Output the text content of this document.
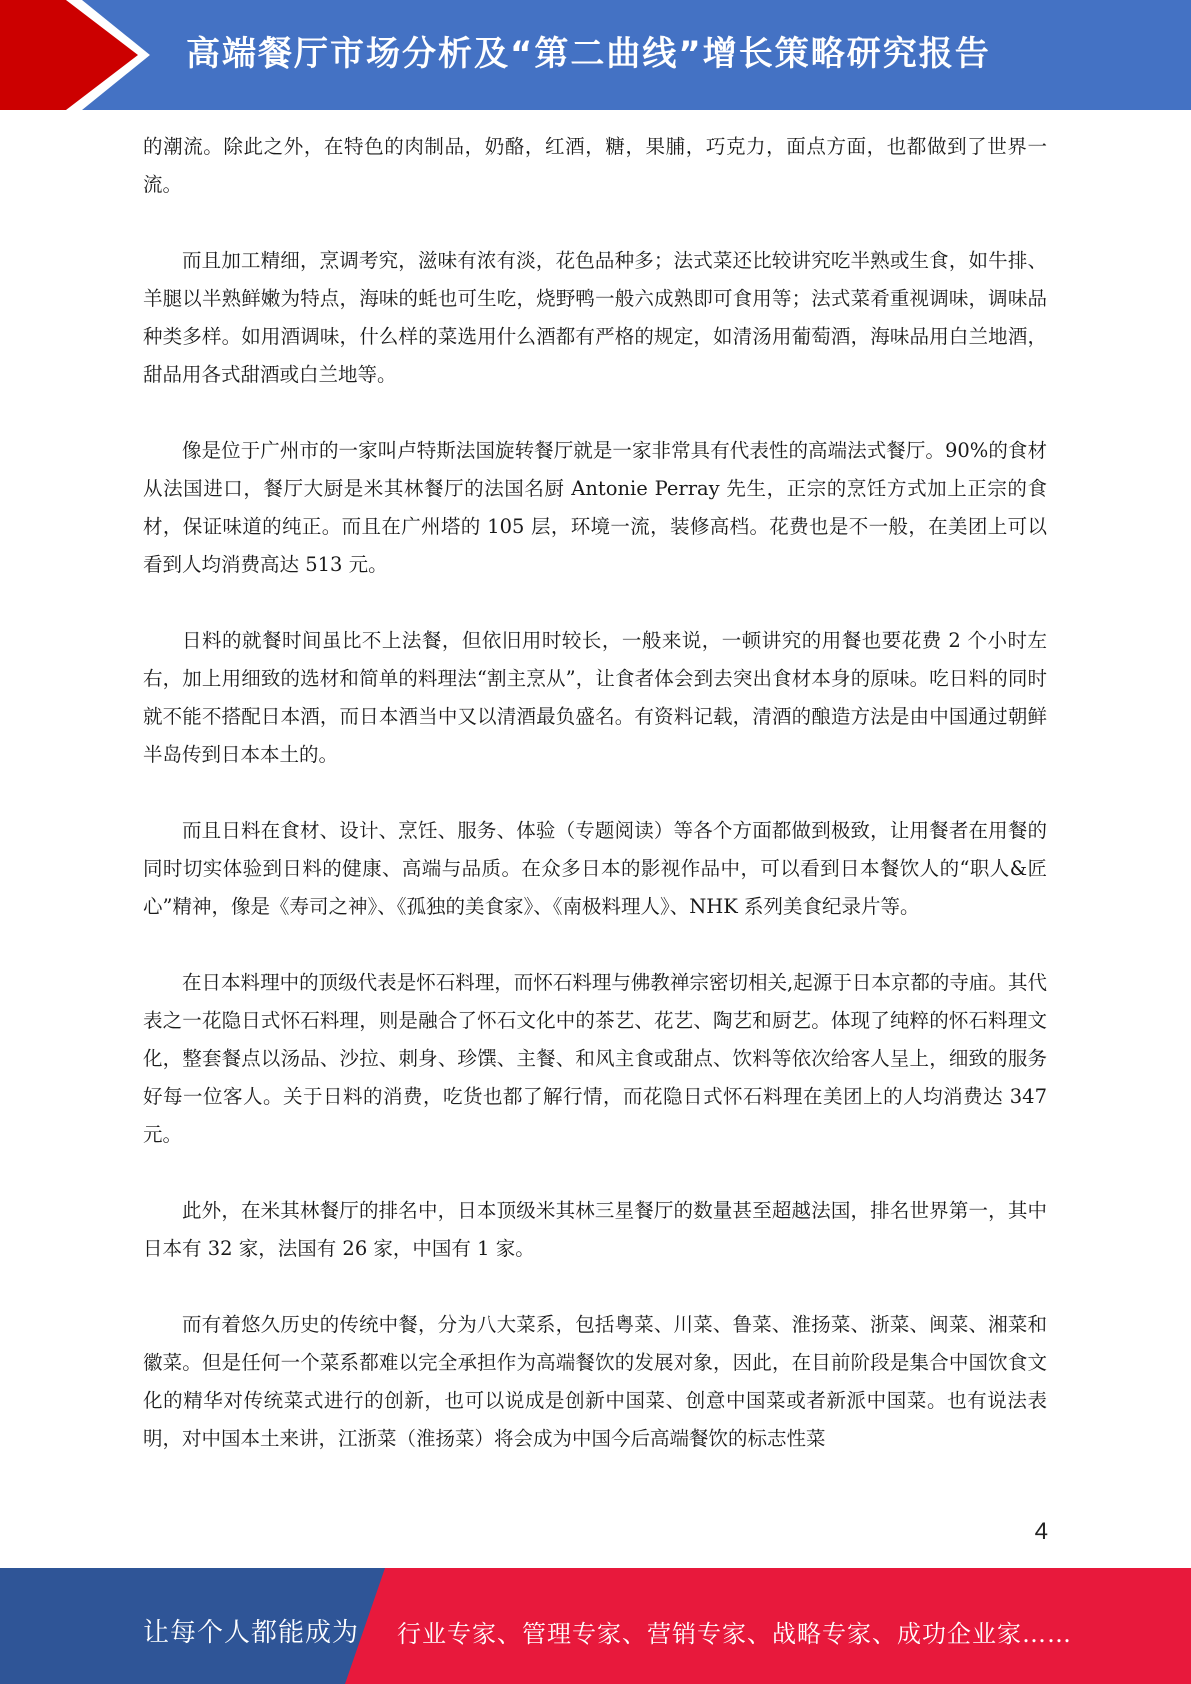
高端餐厅市场分析及“第二曲线”增长策略研究报告

的潮流。除此之外，在特色的肉制品，奶酪，红酒，糖，果脯，巧克力，面点方面，也都做到了世界一流。

而且加工精细，烹调考究，滋味有浓有淡，花色品种多；法式菜还比较讲究吃半熟或生食，如牛排、羊腿以半熟鲜嫩为特点，海味的蚝也可生吃，烧野鸭一般六成熟即可食用等；法式菜肴重视调味，调味品种类多样。如用酒调味，什么样的菜选用什么酒都有严格的规定，如清汤用葡萄酒，海味品用白兰地酒，甜品用各式甜酒或白兰地等。

像是位于广州市的一家叫卢特斯法国旋转餐厅就是一家非常具有代表性的高端法式餐厅。90%的食材从法国进口，餐厅大厨是米其林餐厅的法国名厨 Antonie Perray 先生，正宗的烹饪方式加上正宗的食材，保证味道的纯正。而且在广州塔的 105 层，环境一流，装修高档。花费也是不一般，在美团上可以看到人均消费高达 513 元。

日料的就餐时间虽比不上法餐，但依旧用时较长，一般来说，一顿讲究的用餐也要花费 2 个小时左右，加上用细致的选材和简单的料理法“割主烹从”，让食者体会到去突出食材本身的原味。吃日料的同时就不能不搭配日本酒，而日本酒当中又以清酒最负盛名。有资料记载，清酒的酿造方法是由中国通过朝鲜半岛传到日本本土的。

而且日料在食材、设计、烹饪、服务、体验（专题阅读）等各个方面都做到极致，让用餐者在用餐的同时切实体验到日料的健康、高端与品质。在众多日本的影视作品中，可以看到日本餐饮人的“职人&匠心”精神，像是《寿司之神》、《孤独的美食家》、《南极料理人》、NHK 系列美食纪录片等。

在日本料理中的顶级代表是怀石料理，而怀石料理与佛教禅宗密切相关,起源于日本京都的寺庙。其代表之一花隐日式怀石料理，则是融合了怀石文化中的茶艺、花艺、陶艺和厨艺。体现了纯粹的怀石料理文化，整套餐点以汤品、沙拉、刺身、珍馔、主餐、和风主食或甜点、饮料等依次给客人呈上，细致的服务好每一位客人。关于日料的消费，吃货也都了解行情，而花隐日式怀石料理在美团上的人均消费达 347 元。

此外，在米其林餐厅的排名中，日本顶级米其林三星餐厅的数量甚至超越法国，排名世界第一，其中日本有 32 家，法国有 26 家，中国有 1 家。

而有着悠久历史的传统中餐，分为八大菜系，包括粤菜、川菜、鲁菜、淮扬菜、浙菜、闽菜、湘菜和徽菜。但是任何一个菜系都难以完全承担作为高端餐饮的发展对象，因此，在目前阶段是集合中国饮食文化的精华对传统菜式进行的创新，也可以说成是创新中国菜、创意中国菜或者新派中国菜。也有说法表明，对中国本土来讲，江浙菜（淮扬菜）将会成为中国今后高端餐饮的标志性菜

4
让每个人都能成为 行业专家、管理专家、营销专家、战略专家、成功企业家……
